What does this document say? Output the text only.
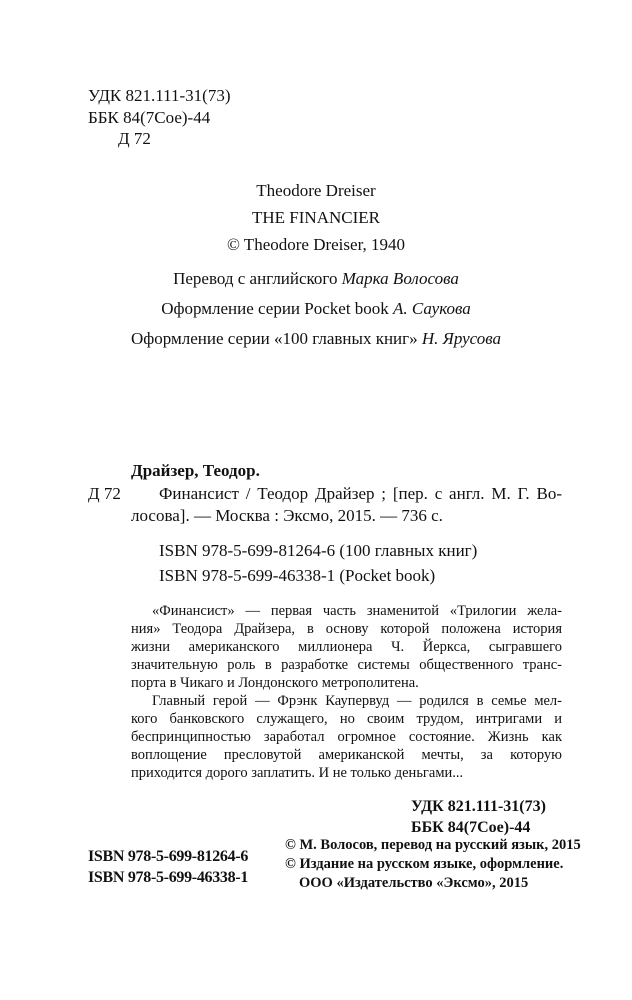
УДК 821.111-31(73)
ББК 84(7Сое)-44
Д 72
Theodore Dreiser
THE FINANCIER
© Theodore Dreiser, 1940
Перевод с английского Марка Волосова
Оформление серии Pocket book А. Саукова
Оформление серии «100 главных книг» Н. Ярусова
Драйзер, Теодор.
Д 72 Финансист / Теодор Драйзер ; [пер. с англ. М. Г. Во-
лосова]. — Москва : Эксмо, 2015. — 736 с.
ISBN 978-5-699-81264-6 (100 главных книг)
ISBN 978-5-699-46338-1 (Pocket book)
«Финансист» — первая часть знаменитой «Трилогии жела-
ния» Теодора Драйзера, в основу которой положена история
жизни американского миллионера Ч. Йеркса, сыгравшего
значительную роль в разработке системы общественного транс-
порта в Чикаго и Лондонского метрополитена.
Главный герой — Фрэнк Каупервуд — родился в семье мел-
кого банковского служащего, но своим трудом, интригами и
беспринципностью заработал огромное состояние. Жизнь как
воплощение пресловутой американской мечты, за которую
приходится дорого заплатить. И не только деньгами...
УДК 821.111-31(73)
ББК 84(7Сое)-44
ISBN 978-5-699-81264-6
ISBN 978-5-699-46338-1
© М. Волосов, перевод на русский язык, 2015
© Издание на русском языке, оформление.
ООО «Издательство «Эксмо», 2015
